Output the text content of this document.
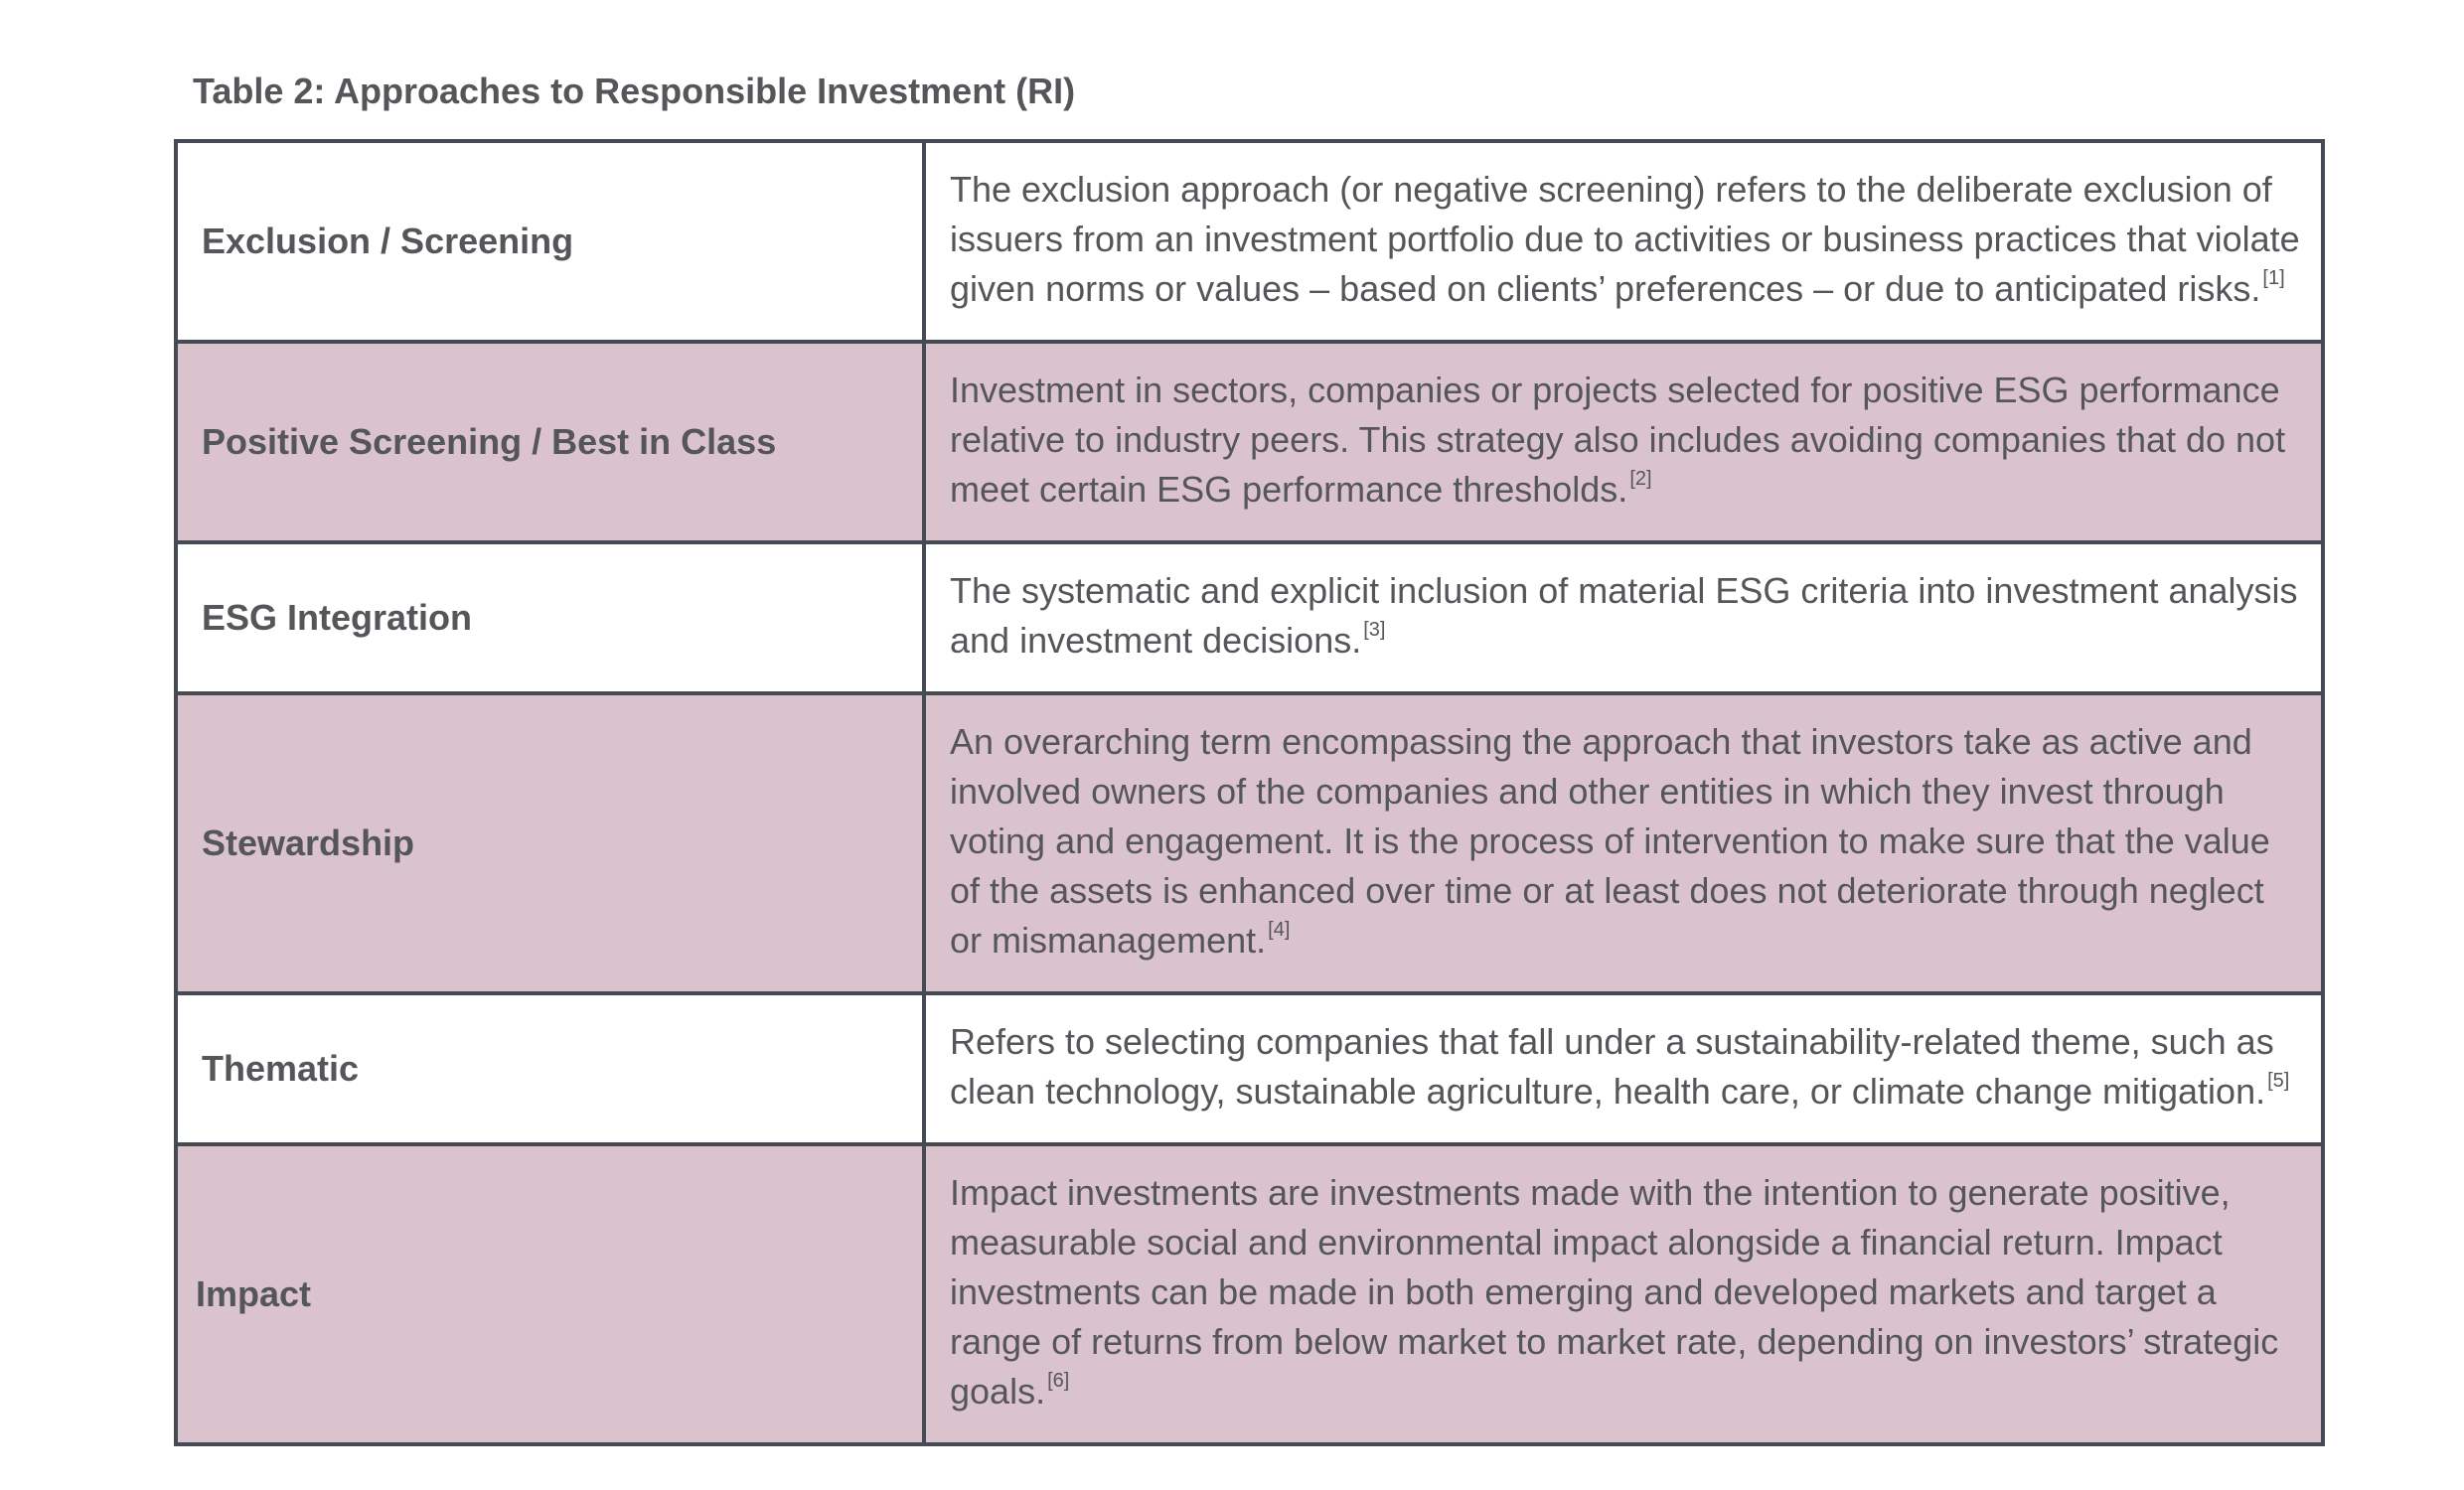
Table 2: Approaches to Responsible Investment (RI)
Exclusion / Screening	The exclusion approach (or negative screening) refers to the deliberate exclusion of issuers from an investment portfolio due to activities or business practices that violate given norms or values – based on clients’ preferences – or due to anticipated risks. [1]
Positive Screening / Best in Class	Investment in sectors, companies or projects selected for positive ESG performance relative to industry peers. This strategy also includes avoiding companies that do not meet certain ESG performance thresholds. [2]
ESG Integration	The systematic and explicit inclusion of material ESG criteria into investment analysis and investment decisions. [3]
Stewardship	An overarching term encompassing the approach that investors take as active and involved owners of the companies and other entities in which they invest through voting and engagement. It is the process of intervention to make sure that the value of the assets is enhanced over time or at least does not deteriorate through neglect or mismanagement. [4]
Thematic	Refers to selecting companies that fall under a sustainability-related theme, such as clean technology, sustainable agriculture, health care, or climate change mitigation. [5]
Impact	Impact investments are investments made with the intention to generate positive, measurable social and environmental impact alongside a financial return. Impact investments can be made in both emerging and developed markets and target a range of returns from below market to market rate, depending on investors’ strategic goals. [6]
